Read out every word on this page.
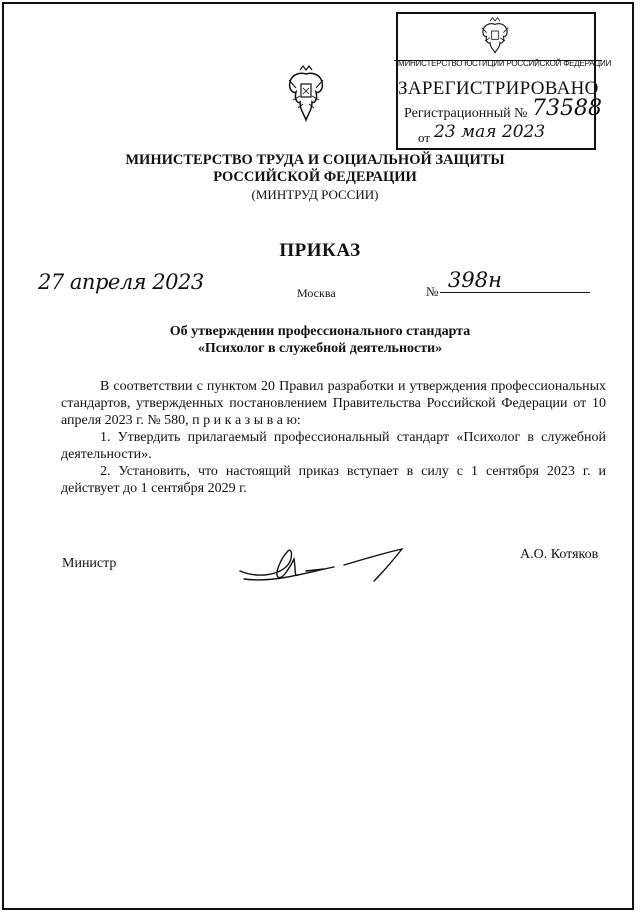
МИНИСТЕРСТВО ЮСТИЦИИ РОССИЙСКОЙ ФЕДЕРАЦИИ
ЗАРЕГИСТРИРОВАНО
Регистрационный № 73588
от 23 мая 2023
МИНИСТЕРСТВО ТРУДА И СОЦИАЛЬНОЙ ЗАЩИТЫ
РОССИЙСКОЙ ФЕДЕРАЦИИ
(МИНТРУД РОССИИ)
ПРИКАЗ
27 апреля 2023	Москва	№ 398н
Об утверждении профессионального стандарта
«Психолог в служебной деятельности»

В соответствии с пунктом 20 Правил разработки и утверждения профессиональных стандартов, утвержденных постановлением Правительства Российской Федерации от 10 апреля 2023 г. № 580, п р и к а з ы в а ю:

1. Утвердить прилагаемый профессиональный стандарт «Психолог в служебной деятельности».

2. Установить, что настоящий приказ вступает в силу с 1 сентября 2023 г. и действует до 1 сентября 2029 г.

Министр
А.О. Котяков
